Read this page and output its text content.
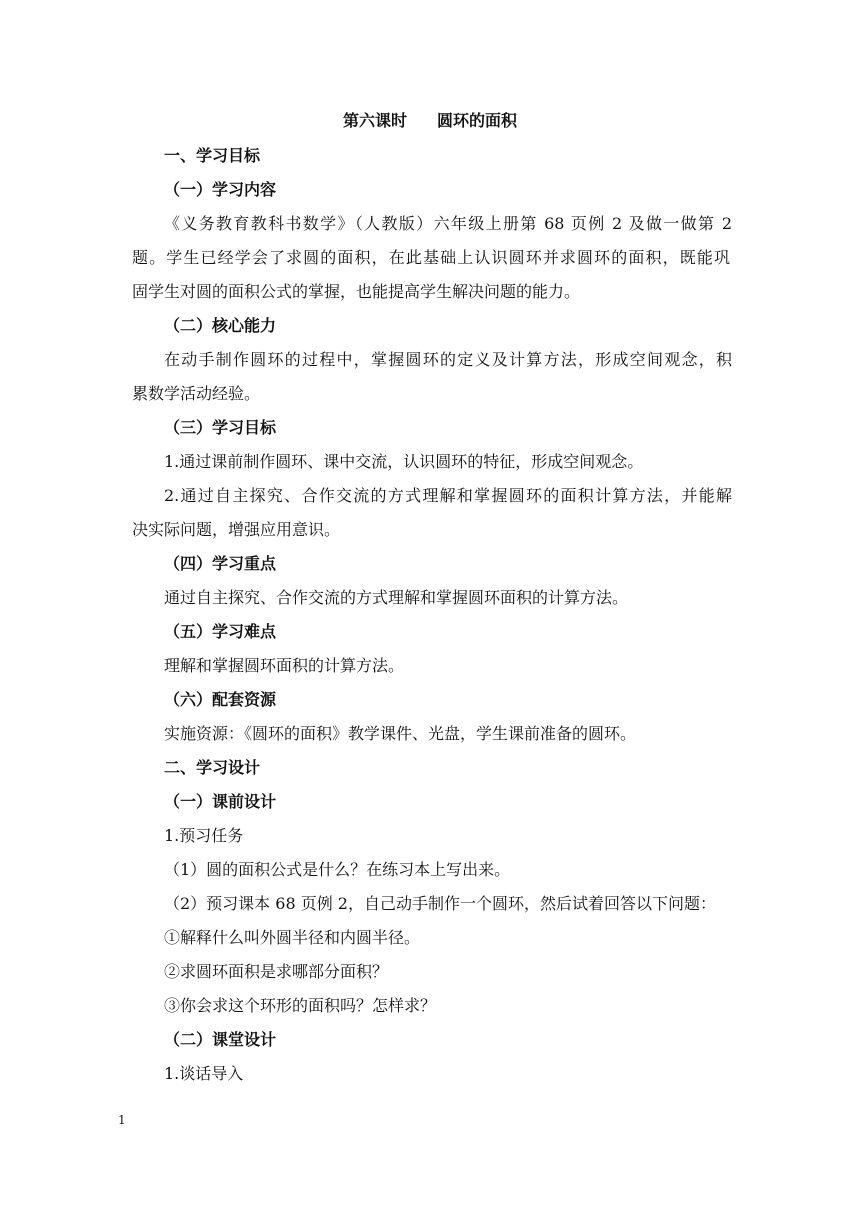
第六课时 圆环的面积
一、学习目标
（一）学习内容
《义务教育教科书数学》（人教版）六年级上册第 68 页例 2 及做一做第 2
题。学生已经学会了求圆的面积，在此基础上认识圆环并求圆环的面积，既能巩
固学生对圆的面积公式的掌握，也能提高学生解决问题的能力。
（二）核心能力
在动手制作圆环的过程中，掌握圆环的定义及计算方法，形成空间观念，积
累数学活动经验。
（三）学习目标
1.通过课前制作圆环、课中交流，认识圆环的特征，形成空间观念。
2.通过自主探究、合作交流的方式理解和掌握圆环的面积计算方法，并能解
决实际问题，增强应用意识。
（四）学习重点
通过自主探究、合作交流的方式理解和掌握圆环面积的计算方法。
（五）学习难点
理解和掌握圆环面积的计算方法。
（六）配套资源
实施资源：《圆环的面积》教学课件、光盘，学生课前准备的圆环。
二、学习设计
（一）课前设计
1.预习任务
（1）圆的面积公式是什么？在练习本上写出来。
（2）预习课本 68 页例 2，自己动手制作一个圆环，然后试着回答以下问题：
①解释什么叫外圆半径和内圆半径。
②求圆环面积是求哪部分面积？
③你会求这个环形的面积吗？怎样求？
（二）课堂设计
1.谈话导入
1
